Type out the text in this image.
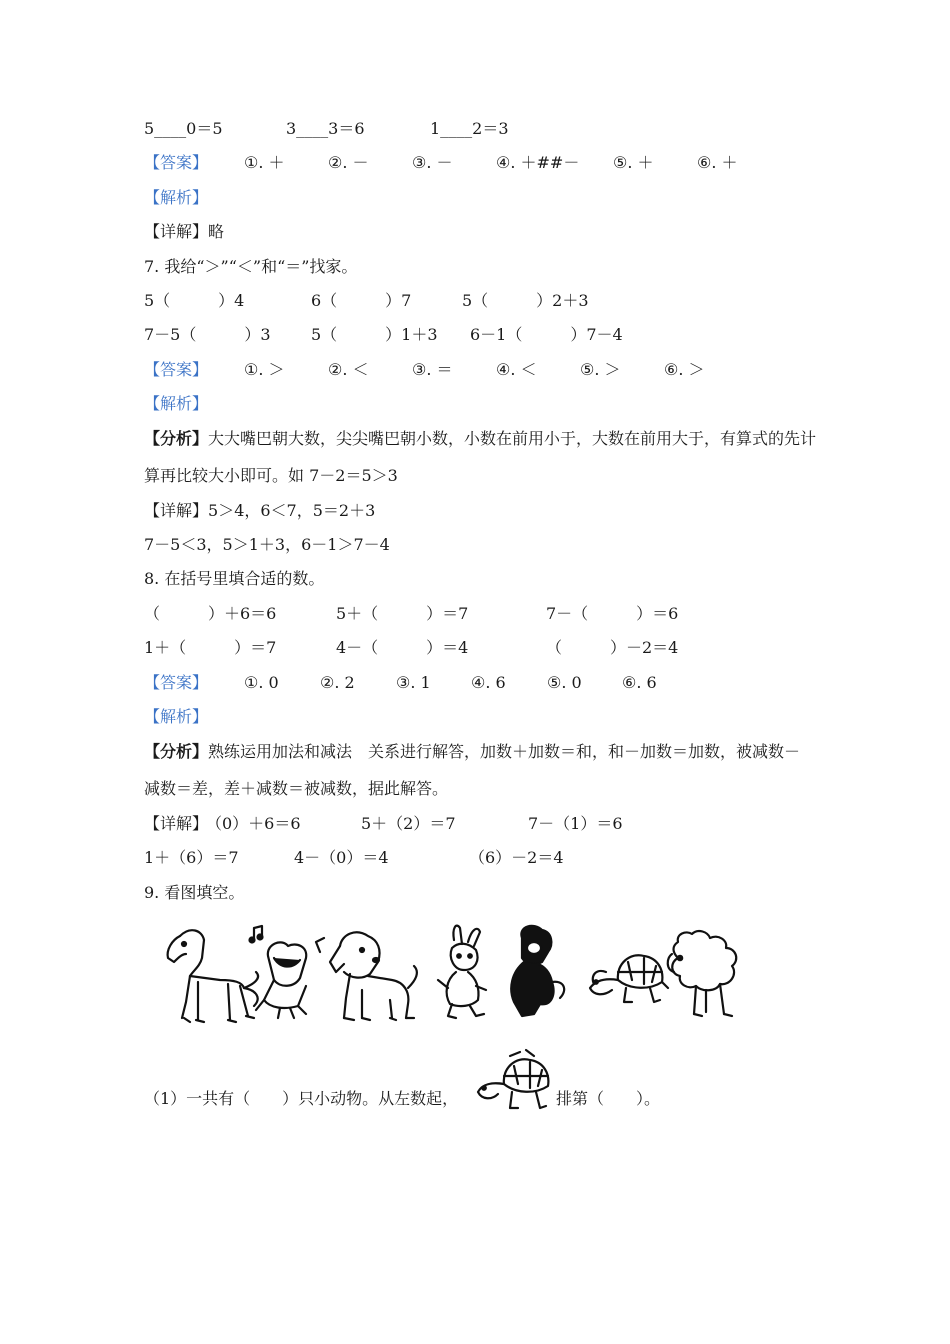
5____0＝5	3____3＝6	1____2＝3
【答案】 ①. ＋	②. －	③. －	④. ＋##－ ⑤. ＋	⑥. ＋
【解析】
【详解】略
7. 我给“＞”“＜”和“＝”找家。
5（　　　）4	6（　　　）7	5（　　　）2＋3
7－5（　　　）3	5（　　　）1＋3 6－1（　　　）7－4
【答案】 ①. ＞	②. ＜	③. ＝	④. ＜	⑤. ＞	⑥. ＞
【解析】
【分析】大大嘴巴朝大数，尖尖嘴巴朝小数，小数在前用小于，大数在前用大于，有算式的先计
算再比较大小即可。如 7－2＝5＞3
【详解】5＞4，6＜7，5＝2＋3
7－5＜3，5＞1＋3，6－1＞7－4
8. 在括号里填合适的数。
（　　　）＋6＝6	5＋（　　　）＝7	7－（　　　）＝6
1＋（　　　）＝7	4－（　　　）＝4	（　　　）－2＝4
【答案】 ①. 0	②. 2	③. 1	④. 6	⑤. 0	⑥. 6
【解析】
【分析】熟练运用加法和减法　关系进行解答，加数＋加数＝和，和－加数＝加数，被减数－
减数＝差，差＋减数＝被减数，据此解答。
【详解】
（0）＋6＝6	5＋（2）＝7	7－（1）＝6
1＋（6）＝7	4－（0）＝4	（6）－2＝4
9. 看图填空。
（1）一共有（　　）只小动物。从左数起，	排第（　　）。
